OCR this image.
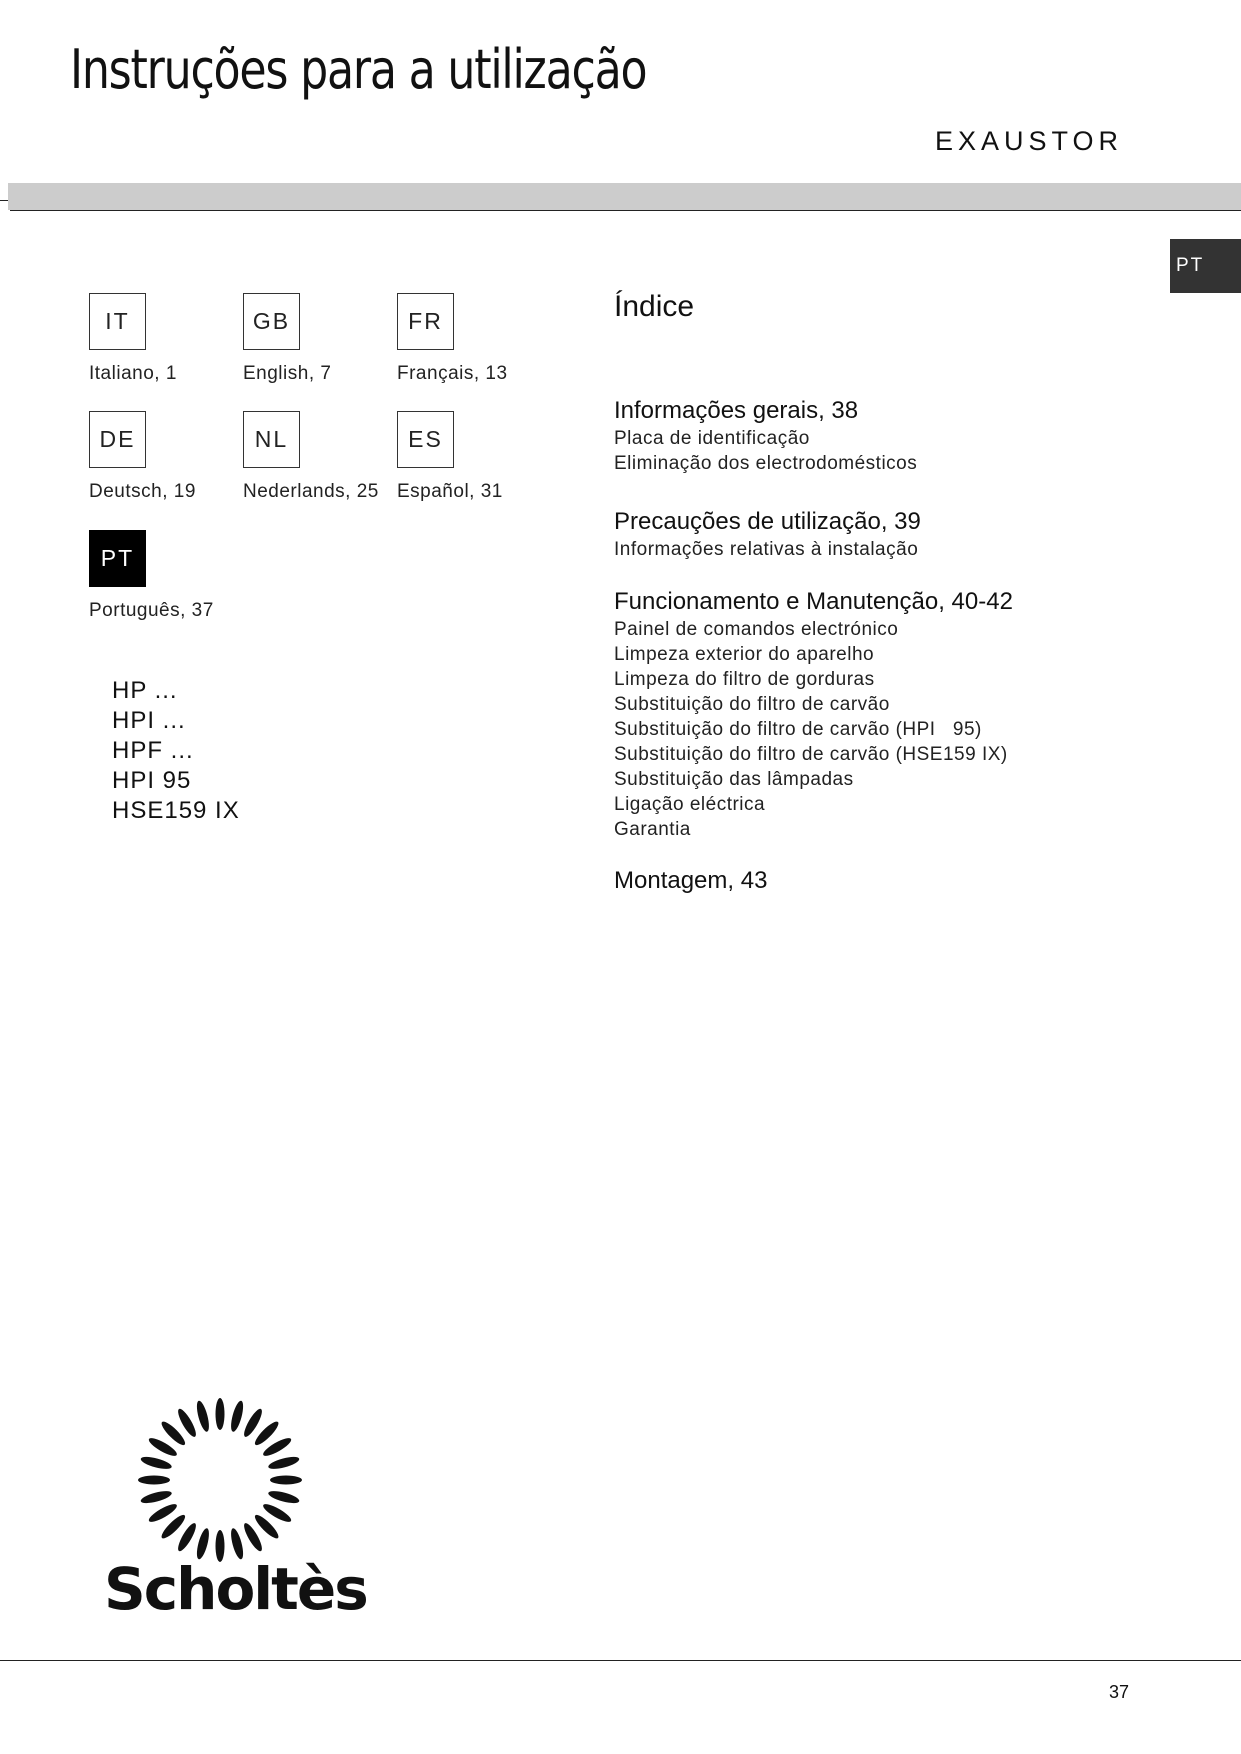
Instruções para a utilização
EXAUSTOR
PT
IT
Italiano, 1
GB
English, 7
FR
Français, 13
DE
Deutsch, 19
NL
Nederlands, 25
ES
Español, 31
PT
Português, 37
HP ...
HPI ...
HPF ...
HPI 95
HSE159 IX
Índice
Informações gerais, 38
Placa de identificação
Eliminação dos electrodomésticos
Precauções de utilização, 39
Informações relativas à instalação
Funcionamento e Manutenção, 40-42
Painel de comandos electrónico
Limpeza exterior do aparelho
Limpeza do filtro de gorduras
Substituição do filtro de carvão
Substituição do filtro de carvão (HPI   95)
Substituição do filtro de carvão (HSE159 IX)
Substituição das lâmpadas
Ligação eléctrica
Garantia
Montagem, 43
Scholtès
37
